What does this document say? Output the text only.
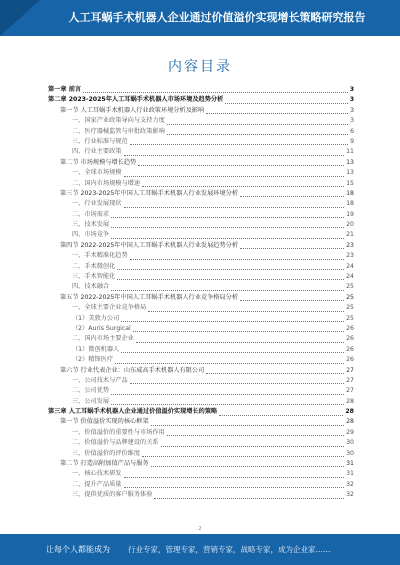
人工耳蜗手术机器人企业通过价值溢价实现增长策略研究报告
内容目录
第一章 前言	3
第二章 2023-2025年人工耳蜗手术机器人市场环境及趋势分析	3
第一节 人工耳蜗手术机器人行业政策环境分析及影响	3
一、国家产业政策导向与支持力度	3
二、医疗器械监管与审批政策影响	6
三、行业标准与规范	9
四、行业主要政策	11
第二节 市场规模与增长趋势	13
一、全球市场规模	13
二、国内市场规模与增速	15
第三节 2023-2025年中国人工耳蜗手术机器人行业发展环境分析	18
一、行业发展现状	18
二、市场需求	19
三、技术发展	20
四、市场竞争	21
第四节 2022-2025年中国人工耳蜗手术机器人行业发展趋势分析	23
一、手术精准化趋势	23
二、手术微创化	24
三、手术智能化	24
四、技术融合	25
第五节 2022-2025年中国人工耳蜗手术机器人行业竞争格局分析	25
一、全球主要企业竞争格局	25
（1）美敦力公司	25
（2）Auris Surgical	26
二、国内市场主要企业	26
（1）微创机器人	26
（2）精锋医疗	26
第六节 行业代表企业：山东威高手术机器人有限公司	27
一、公司技术与产品	27
二、公司优势	27
三、公司发展	28
第三章 人工耳蜗手术机器人企业通过价值溢价实现增长的策略	28
第一节 价值溢价实现的核心框架	28
一、价值溢价的重要性与市场作用	29
二、价值溢价与品牌建设的关系	30
三、价值溢价的评价维度	30
第二节 打造高附加值产品与服务	31
一、核心技术研发	31
二、提升产品质量	32
三、提供优质的客户服务体验	32
2
让每个人都能成为 行业专家，管理专家，营销专家，战略专家，成为企业家……
